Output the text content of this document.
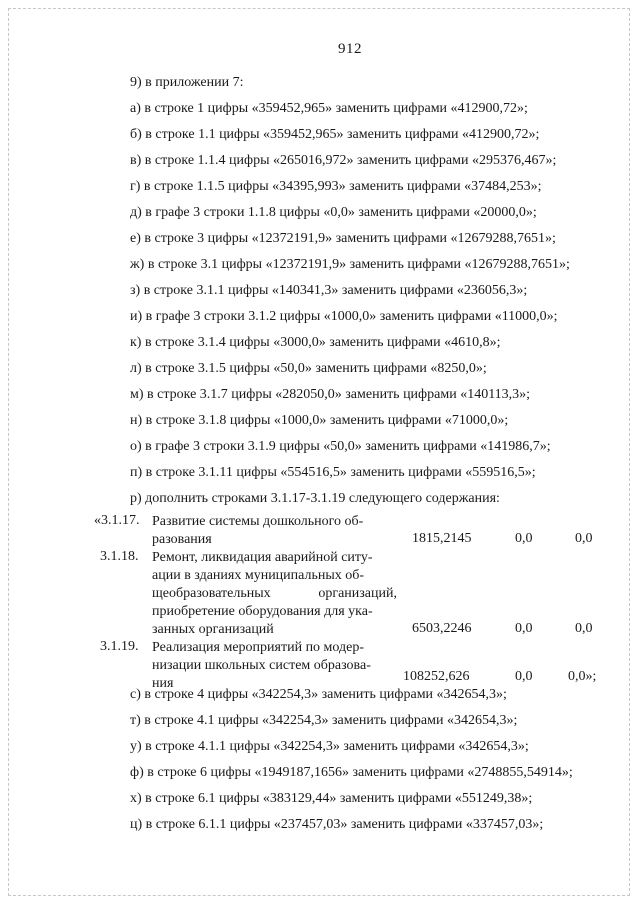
912
9) в приложении 7:
а) в строке 1 цифры «359452,965» заменить цифрами «412900,72»;
б) в строке 1.1 цифры «359452,965» заменить цифрами «412900,72»;
в) в строке 1.1.4 цифры «265016,972» заменить цифрами «295376,467»;
г) в строке 1.1.5 цифры «34395,993» заменить цифрами «37484,253»;
д) в графе 3 строки 1.1.8 цифры «0,0» заменить цифрами «20000,0»;
е) в строке 3 цифры «12372191,9» заменить цифрами «12679288,7651»;
ж) в строке 3.1 цифры «12372191,9» заменить цифрами «12679288,7651»;
з) в строке 3.1.1 цифры «140341,3» заменить цифрами «236056,3»;
и) в графе 3 строки 3.1.2 цифры «1000,0» заменить цифрами «11000,0»;
к) в строке 3.1.4 цифры «3000,0» заменить цифрами «4610,8»;
л) в строке 3.1.5 цифры «50,0» заменить цифрами «8250,0»;
м) в строке 3.1.7 цифры «282050,0» заменить цифрами «140113,3»;
н) в строке 3.1.8 цифры «1000,0» заменить цифрами «71000,0»;
о) в графе 3 строки 3.1.9 цифры «50,0» заменить цифрами «141986,7»;
п) в строке 3.1.11 цифры «554516,5» заменить цифрами «559516,5»;
р) дополнить строками 3.1.17-3.1.19 следующего содержания:
«3.1.17. Развитие системы дошкольного об-
разования	1815,2145	0,0	0,0
3.1.18. Ремонт, ликвидация аварийной ситу-
ации в зданиях муниципальных об-
щеобразовательных	организаций,
приобретение оборудования для ука-
занных организаций	6503,2246	0,0	0,0
3.1.19. Реализация мероприятий по модер-
низации школьных систем образова-
ния	108252,626	0,0	0,0»;
с) в строке 4 цифры «342254,3» заменить цифрами «342654,3»;
т) в строке 4.1 цифры «342254,3» заменить цифрами «342654,3»;
у) в строке 4.1.1 цифры «342254,3» заменить цифрами «342654,3»;
ф) в строке 6 цифры «1949187,1656» заменить цифрами «2748855,54914»;
х) в строке 6.1 цифры «383129,44» заменить цифрами «551249,38»;
ц) в строке 6.1.1 цифры «237457,03» заменить цифрами «337457,03»;
